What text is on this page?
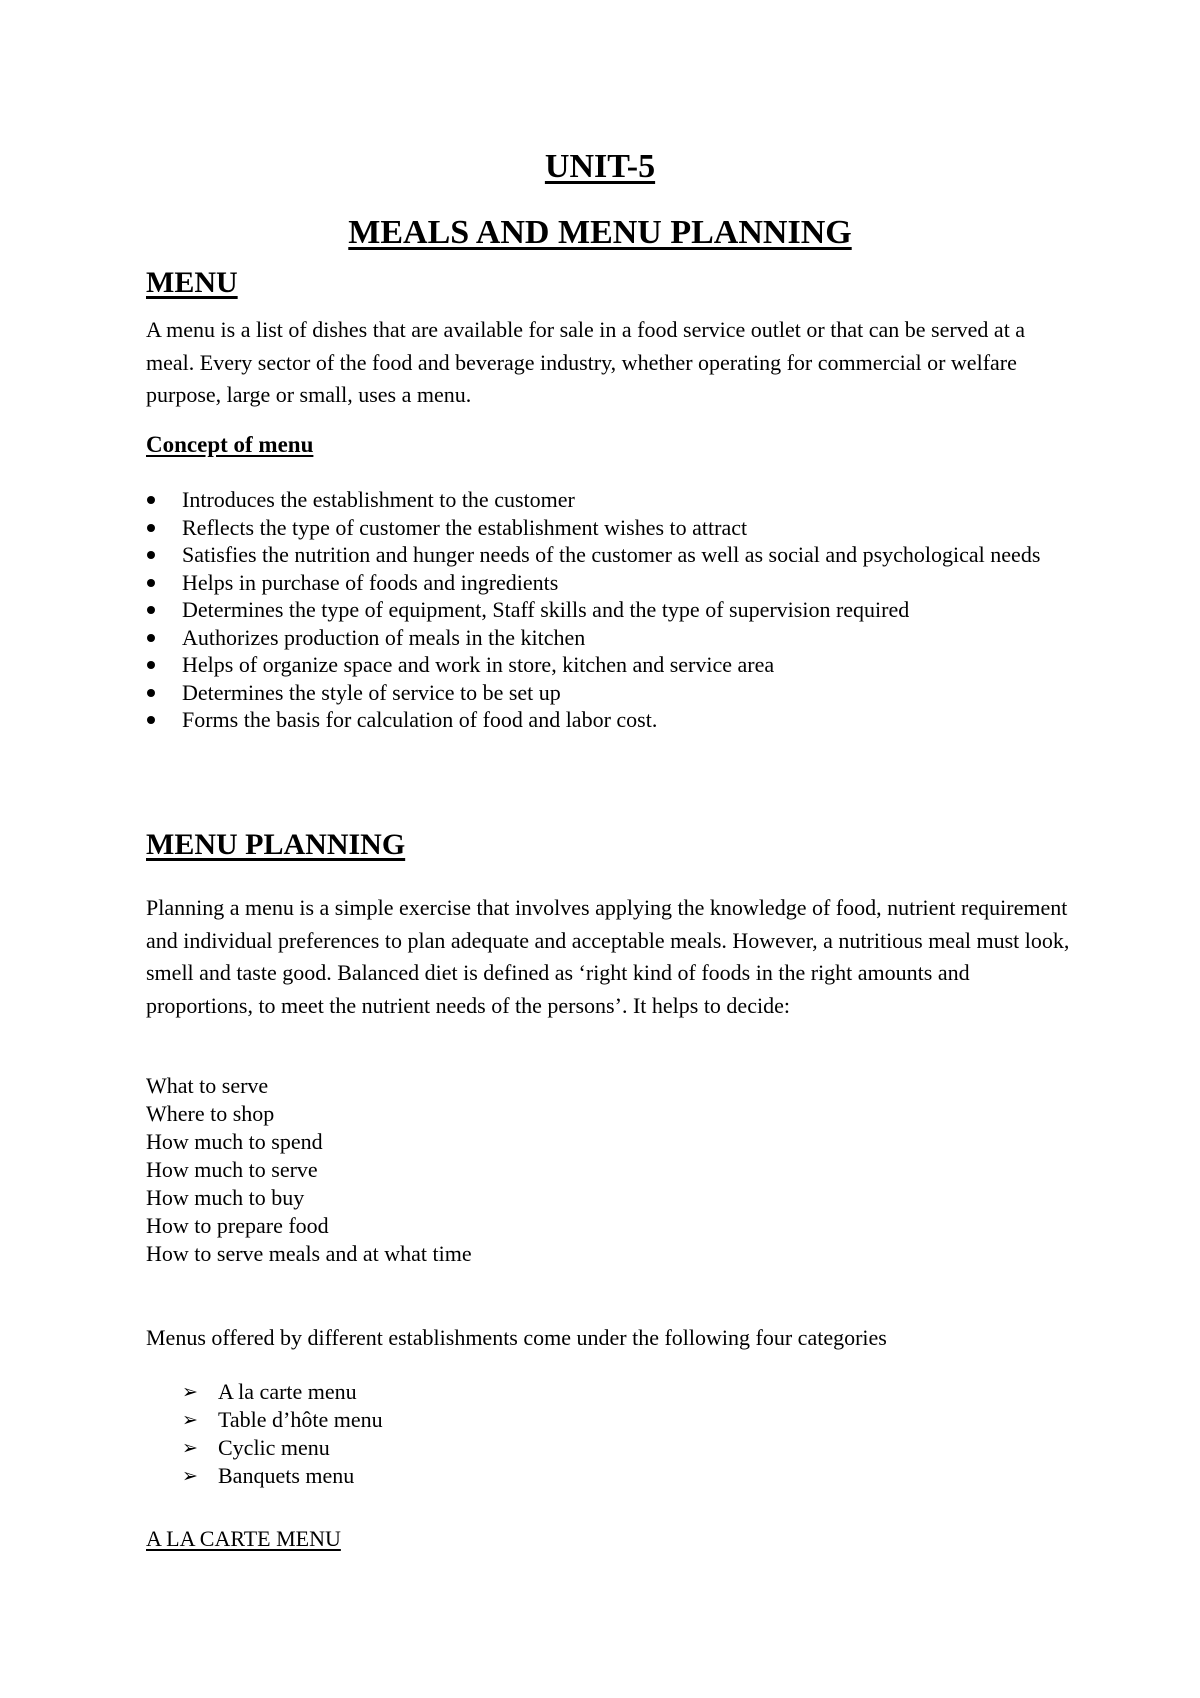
UNIT-5
MEALS AND MENU PLANNING
MENU

A menu is a list of dishes that are available for sale in a food service outlet or that can be served at a meal. Every sector of the food and beverage industry, whether operating for commercial or welfare purpose, large or small, uses a menu.

Concept of menu
Introduces the establishment to the customer
Reflects the type of customer the establishment wishes to attract
Satisfies the nutrition and hunger needs of the customer as well as social and psychological needs
Helps in purchase of foods and ingredients
Determines the type of equipment, Staff skills and the type of supervision required
Authorizes production of meals in the kitchen
Helps of organize space and work in store, kitchen and service area
Determines the style of service to be set up
Forms the basis for calculation of food and labor cost.
MENU PLANNING

Planning a menu is a simple exercise that involves applying the knowledge of food, nutrient requirement and individual preferences to plan adequate and acceptable meals. However, a nutritious meal must look, smell and taste good. Balanced diet is defined as ‘right kind of foods in the right amounts and proportions, to meet the nutrient needs of the persons’. It helps to decide:

What to serve
Where to shop
How much to spend
How much to serve
How much to buy
How to prepare food
How to serve meals and at what time

Menus offered by different establishments come under the following four categories

➢ A la carte menu
➢ Table d’hôte menu
➢ Cyclic menu
➢ Banquets menu

A LA CARTE MENU
